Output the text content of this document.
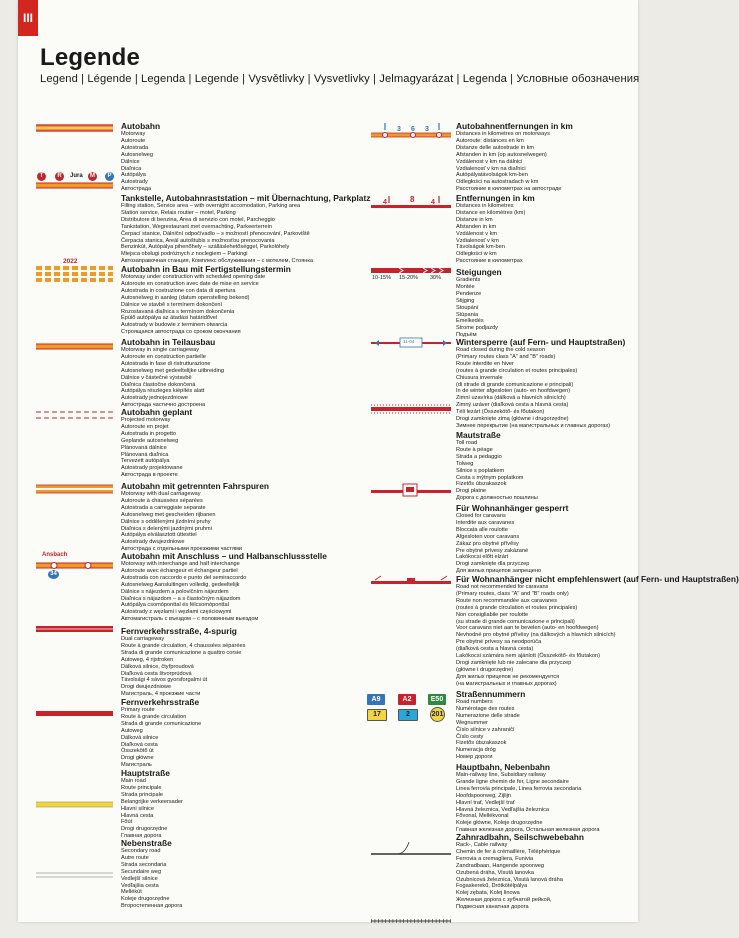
III
Legende
Legend | Légende | Legenda | Legende | Vysvětlivky | Vysvetlivky | Jelmagyarázat | Legenda | Условные обозначения
T	R	Jura	M	P
2022
Ansbach
34
Autobahn
Motorway
Autoroute
Autostrada
Autosnelweg
Dálnice
Diaľnica
Autópálya
Autostrady
Автострада
Tankstelle, Autobahnraststation – mit Übernachtung, Parkplatz
Filling station, Service area – with overnight accomodation, Parking area
Station service, Relais routier – motel, Parking
Distributore di benzina, Area di servizio con motel, Parcheggio
Tankstation, Wegrestaurant met overnachting, Parkeerterrein
Čerpací stanice, Dálniční odpočívadlo – s možností přenocování, Parkoviště
Čerpacia stanica, Areál autoštubis s možnosťou prenocovania
Benzinkút, Autópálya pihenőhely – szálláslehetőséggel, Parkolóhely
Miejsca obsługi podróżnych z noclegiem – Parkingi
Автозаправочная станция, Комплекс обслуживания – с мотелем, Стоянка
Autobahn in Bau mit Fertigstellungstermin
Motorway under construction with scheduled opening date
Autoroute en construction avec date de mise en service
Autostrada in costruzione con data di apertura
Autosnelweg in aanleg (datum openstelling bekend)
Dálnice ve stavbě s termínem dokončení
Rozostavaná diaľnica s termínom dokončenia
Épülő autópálya az átadási határidővel
Autostrady w budowie z terminem otwarcia
Строящаяся автострада со сроком окончания
Autobahn in Teilausbau
Motorway in single carriageway
Autoroute en construction partielle
Autostrada in fase di ristrutturazione
Autosnelweg met gedeeltelijke uitbreiding
Dálnice v částečné výstavbě
Diaľnica čiastočne dokončená
Autópálya részleges kiépítés alatt
Autostrady jednojezdniowe
Автострада частично достроена
Autobahn geplant
Projected motorway
Autoroute en projet
Autostrada in progetto
Geplande autosnelweg
Plánovaná dálnice
Plánovaná diaľnica
Tervezett autópálya
Autostrady projektowane
Автострада в проекте
Autobahn mit getrennten Fahrspuren
Motorway with dual carriageway
Autoroute à chaussées séparées
Autostrada a carreggiate separate
Autosnelweg met gescheiden rijbanen
Dálnice s oddělenými jízdními pruhy
Diaľnica s delenými jazdnými pruhmi
Autópálya elválasztott úttesttel
Autostrady dwujezdniowe
Автострада с отдельными проезжими частями
Autobahn mit Anschluss – und Halbanschlussstelle
Motorway with interchange and half interchange
Autoroute avec échangeur et échangeur partiel
Autostrada con raccordo e punto del semiraccordo
Autosnelweg Aansluitingen volledig, gedeeltelijk
Dálnice s nájezdem a polovičním nájezdem
Diaľnica s nájazdom – a s čiastočným nájazdom
Autópálya csomóponttal és félcsomóponttal
Autostrady z węzłami i węzłami częściowymi
Автомагистраль с въездом – с половинным выездом
Fernverkehrsstraße, 4-spurig
Dual carriageway
Route à grande circulation, 4 chaussées séparées
Strada di grande comunicazione a quattro corsie
Autoweg, 4 rijstroken
Dálková silnice, čtyřproudová
Diaľková cesta štvorprúdová
Távolsági 4 sávos gyorsforgalmi út
Drogi dwujezdniowe
Магистраль, 4 проезжие части
Fernverkehrsstraße
Primary route
Route à grande circulation
Strada di grande comunicazione
Autoweg
Dálková silnice
Diaľková cesta
Összekötő út
Drogi główne
Магистраль
Hauptstraße
Main road
Route principale
Strada principale
Belangrijke verkeersader
Hlavní silnice
Hlavná cesta
Főút
Drogi drugorzędne
Главная дорога
Nebenstraße
Secondary road
Autre route
Strada secondaria
Secundaire weg
Vedlejší silnice
Vedľajšia cesta
Mellékút
Koleje drugorzędne
Второстепенная дорога
3 6 3
4	8 4
10-15% 15-20% 30%
11-04
A9	A2	E50
17	2	201
Autobahnentfernungen in km
Distances in kilometres on motorways
Autoroute: distances en km
Distanze delle autostrade in km
Afstanden in km (op autosnelwegen)
Vzdálenost v km na dálnici
Vzdialenosť v km na diaľnici
Autópályatávolságok km-ben
Odległości na autostradach w km
Расстояние в километрах на автостраде
Entfernungen in km
Distances in kilometres
Distance en kilomètres (km)
Distanze in km
Afstanden in km
Vzdálenost v km
Vzdialenosť v km
Távolságok km-ben
Odległości w km
Расстояние в километрах
Steigungen
Gradients
Montée
Pendenze
Stijging
Stoupání
Stúpania
Emelkedés
Strome podjazdy
Подъём
Wintersperre (auf Fern- und Hauptstraßen)
Road closed during the cold season
(Primary routes class "A" and "B" roads)
Route interdite en hiver
(routes à grande circulation et routes principales)
Chiusura invernale
(di strade di grande comunicazione e principali)
In de winter afgesloten (auto- en hoofdwegen)
Zimní uzavírka (dálková a hlavních silnicích)
Zimný uzáver (diaľková cesta a hlavná cesta)
Téli lezárt (Összekötő- és főutakon)
Drogi zamknięte zimą (główne i drugorzędne)
Зимнее перекрытие (на магистральных и главных дорогах)
Mautstraße
Toll road
Route à péage
Strada a pedaggio
Tolweg
Silnice s poplatkem
Cesta s mýtnym poplatkom
Fizetős útszakaszok
Drogi płatne
Дорога с должностью пошлины
Für Wohnanhänger gesperrt
Closed for caravans
Interdite aux caravanes
Bloccata alle roulotte
Afgesloten voor caravans
Zákaz pro obytné přívěsy
Pre obytné prívesy zakázané
Lakókocsi előtt elzárt
Drogi zamknięte dla przyczep
Для жилых прицепов запрещено
Für Wohnanhänger nicht empfehlenswert (auf Fern- und Hauptstraßen)
Road not recommended for caravans
(Primary routes, class "A" and "B" roads only)
Route non recommandée aux caravanes
(routes à grande circulation et routes principales)
Non consigliabile per roulotte
(su strade di grande comunicazione e principali)
Voor caravans niet aan te bevelen (auto- en hoofdwegen)
Nevhodné pro obytné přívěsy (na dálkových a hlavních silnicích)
Pre obytné prívesy sa neodporúča
(diaľková cesta a hlavná cesta)
Lakókocsi számára nem ajánlott (Összekötő- és főutakon)
Drogi zamknięte lub nie zalecane dla przyczep
(główne i drugorzędne)
Для жилых прицепов не рекомендуется
(на магистральных и главных дорогах)
Straßennummern
Road numbers
Numérotage des routes
Numerazione delle strade
Wegnummer
Číslo silnice v zahraničí
Číslo cesty
Fizetős útszakaszok
Numeracja dróg
Номер дороги
Hauptbahn, Nebenbahn
Main-railway line, Subsidiary railway
Grande ligne chemin de fer, Ligne secondaire
Linea ferrovia principale, Linea ferrovia secondaria
Hoofdspoorweg, Zijlijn
Hlavní trať, Vedlejší trať
Hlavná železnica, Vedľajšia železnica
Fővonal, Mellékvonal
Koleje główne, Koleje drugorzędne
Главная железная дорога, Остальная железная дорога
Zahnradbahn, Seilschwebebahn
Rack-, Cable railway
Chemin de fer à crémaillère, Téléphérique
Ferrovia a cremagliera, Funivia
Zandradbaan, Hangende spoorweg
Ozubená dráha, Visutá lanovka
Ozubnicová železnica, Visutá lanová dráha
Fogaskerekű, Drótkötélpálya
Kolej zębata, Kolej linowa
Железная дорога с зубчатой рейкой,
Подвесная канатная дорога
